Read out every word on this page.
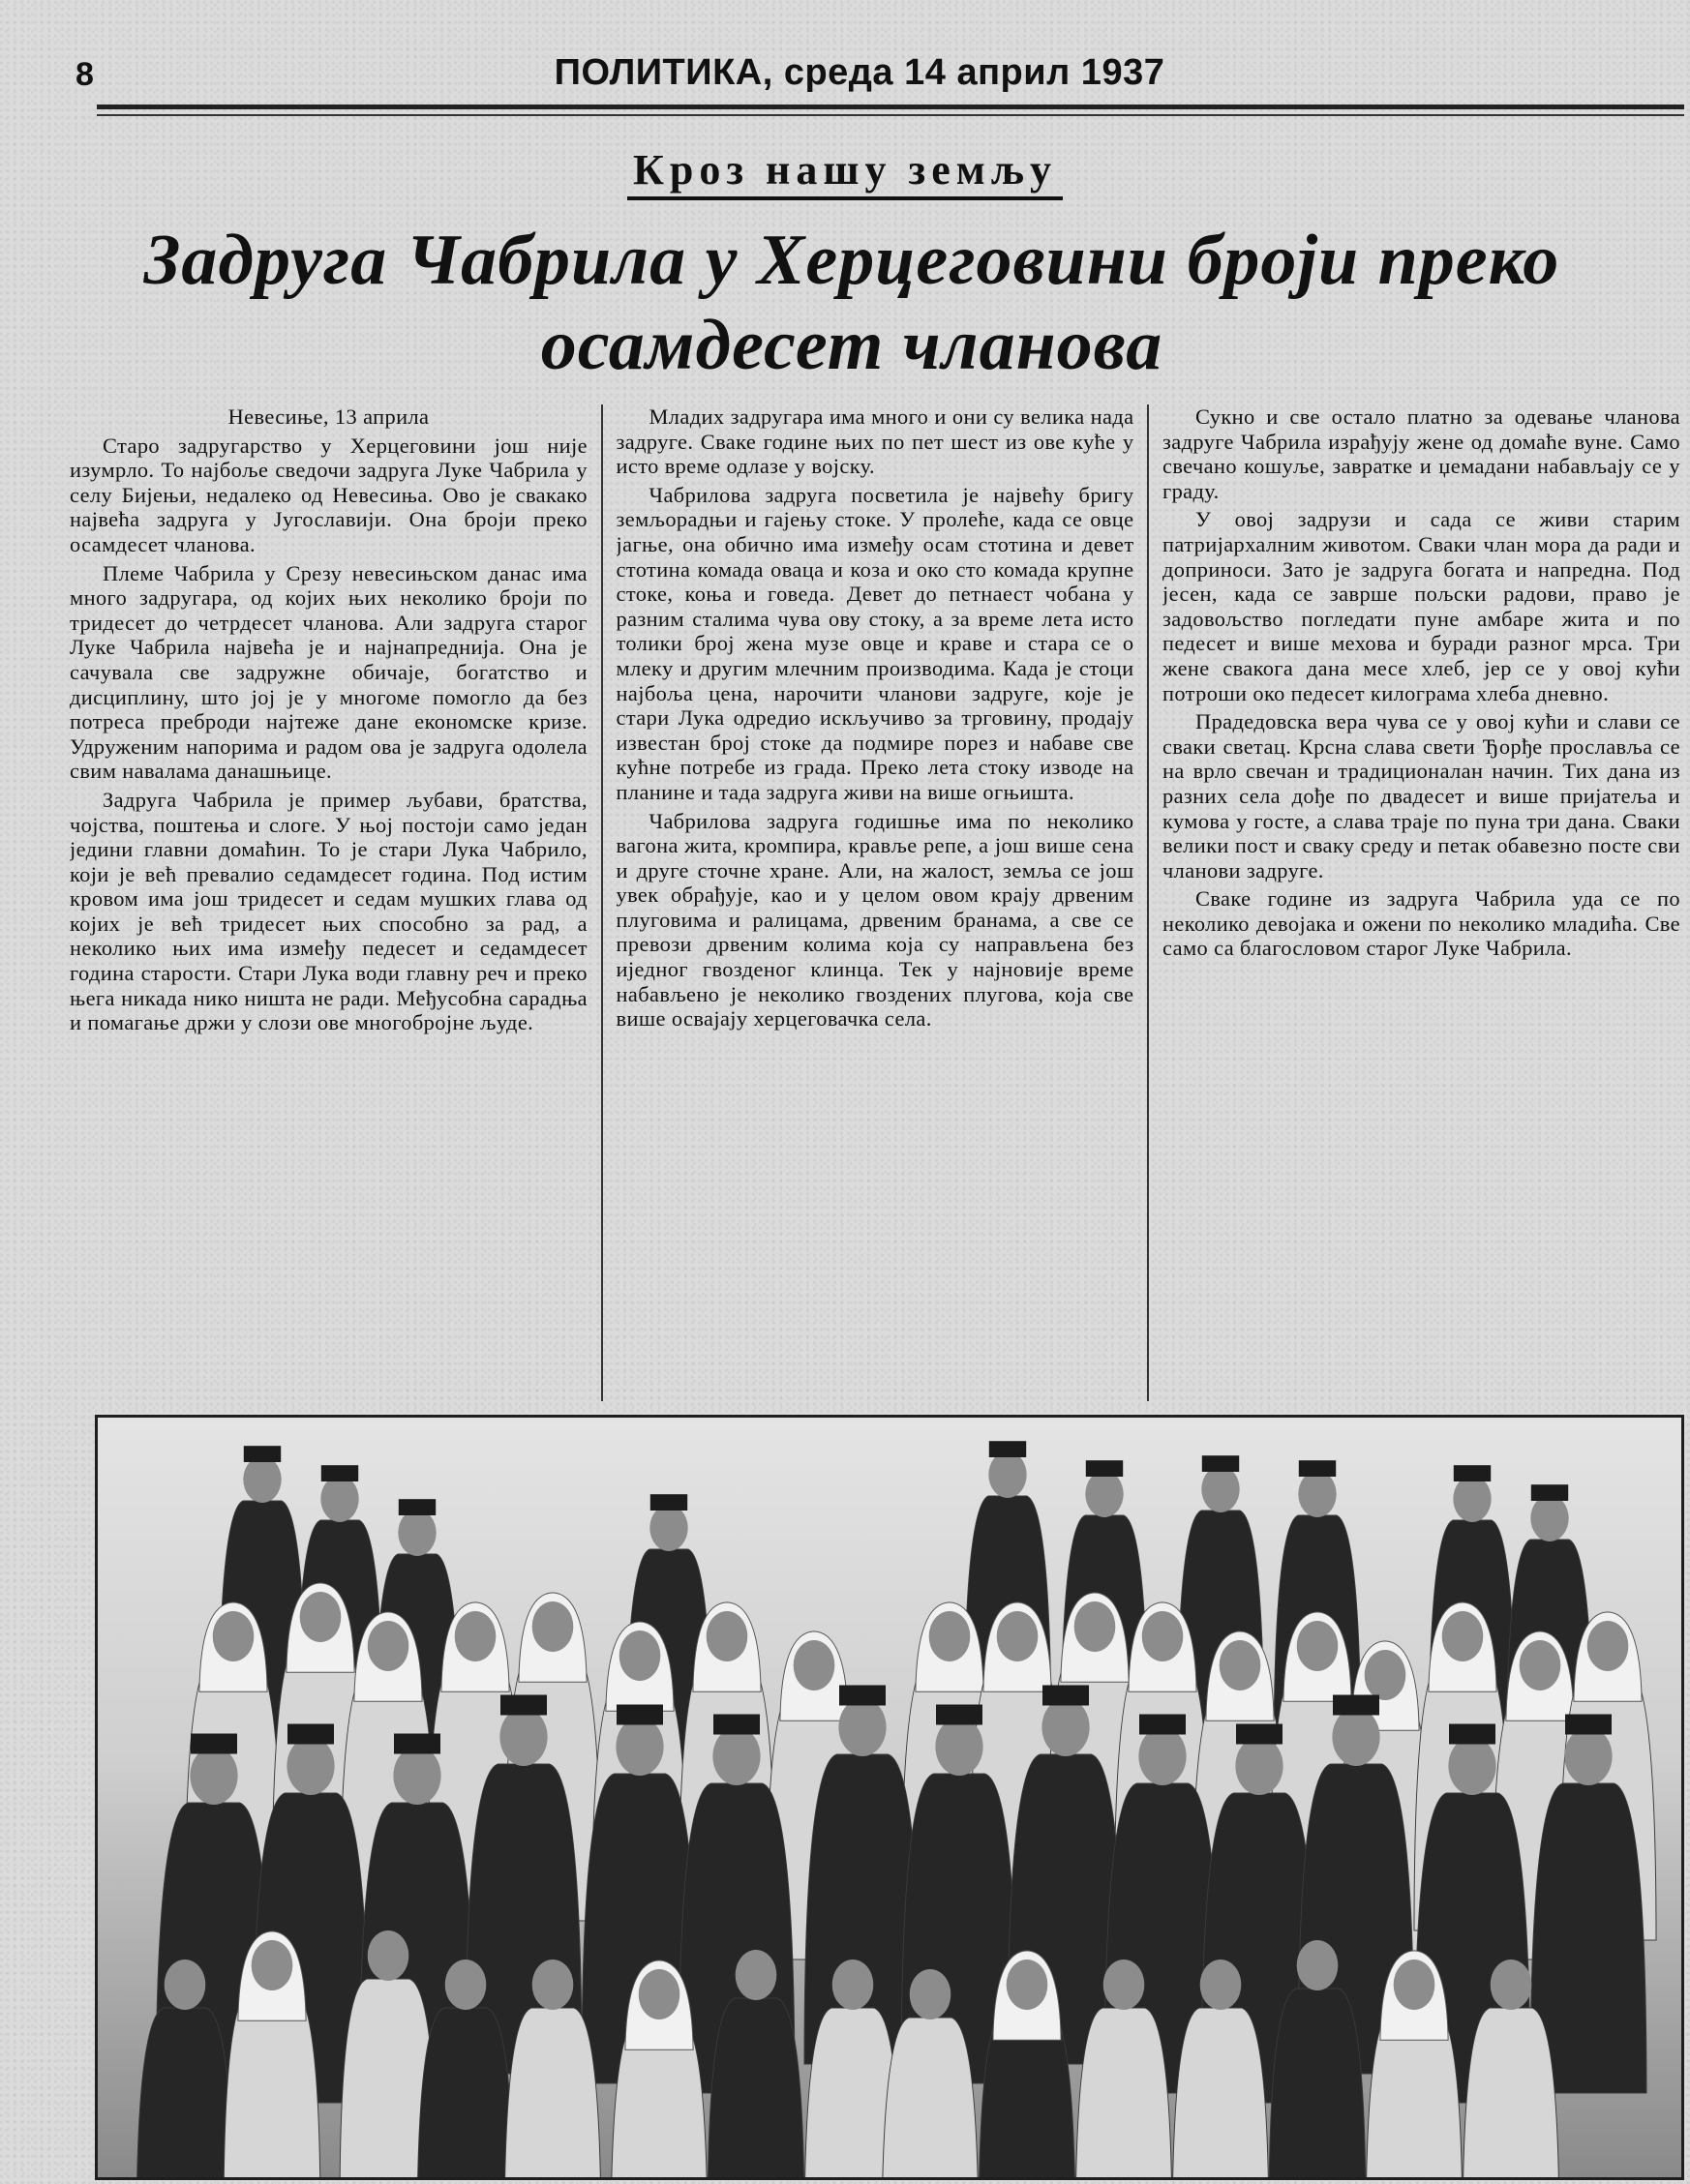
8	ПОЛИТИКА, среда 14 април 1937
Кроз нашу земљу
Задруга Чабрила у Херцеговини броји преко осамдесет чланова

Невесиње, 13 априла

Старо задругарство у Херцеговини још није изумрло. То најбоље сведочи задруга Луке Чабрила у селу Бијењи, недалеко од Невесиња. Ово је свакако највећа задруга у Југославији. Она броји преко осамдесет чланова.

Племе Чабрила у Срезу невесињском данас има много задругара, од којих њих неколико броји по тридесет до четрдесет чланова. Али задруга старог Луке Чабрила највећа је и најнапреднија. Она је сачувала све задружне обичаје, богатство и дисциплину, што јој је у многоме помогло да без потреса преброди најтеже дане економске кризе. Удруженим напорима и радом ова је задруга одолела свим навалама данашњице.

Задруга Чабрила је пример љубави, братства, чојства, поштења и слоге. У њој постоји само један једини главни домаћин. То је стари Лука Чабрило, који је већ превалио седамдесет година. Под истим кровом има још тридесет и седам мушких глава од којих је већ тридесет њих способно за рад, а неколико њих има између педесет и седамдесет година старости. Стари Лука води главну реч и преко њега никада нико ништа не ради. Међусобна сарадња и помагање држи у слози ове многобројне људе.

Младих задругара има много и они су велика нада задруге. Сваке године њих по пет шест из ове куће у исто време одлазе у војску.

Чабрилова задруга посветила је највећу бригу земљорадњи и гајењу стоке. У пролеће, када се овце јагње, она обично има између осам стотина и девет стотина комада оваца и коза и око сто комада крупне стоке, коња и говеда. Девет до петнаест чобана у разним сталима чува ову стоку, а за време лета исто толики број жена музе овце и краве и стара се о млеку и другим млечним производима. Када је стоци најбоља цена, нарочити чланови задруге, које је стари Лука одредио искључиво за трговину, продају известан број стоке да подмире порез и набаве све кућне потребе из града. Преко лета стоку изводе на планине и тада задруга живи на вишe огњишта.

Чабрилова задруга годишње има по неколико вагона жита, кромпира, крављe репе, а још више сена и друге сточне хране. Али, на жалост, земља се још увек обрађује, као и у целом овом крају дрвеним плуговима и ралицама, дрвеним бранама, а све се превози дрвеним колима која су направљена без иједног гвозденог клинца. Тек у најновије време набављено је неколико гвоздених плугова, која све више освајају херцеговачка села.

Сукно и све остало платно за одевање чланова задруге Чабрила израђују жене од домаће вуне. Само свечано кошуље, завратке и џемадани набављају се у граду.

У овој задрузи и сада се живи старим патријархалним животом. Сваки члан мора да ради и доприноси. Зато је задруга богата и напредна. Под јесен, када се заврше пољски радови, право је задовољство погледати пуне амбаре жита и по педесет и више мехова и буради разног мрса. Три жене свакога дана месе хлеб, јер се у овој кући потроши око педесет килограма хлеба дневно.

Прадедовска вера чува се у овој кући и слави се сваки светац. Крсна слава свети Ђорђе прославља се на врло свечан и традиционалан начин. Тих дана из разних села дође по двадесет и више пријатеља и кумова у госте, а слава траје по пуна три дана. Сваки велики пост и сваку среду и петак обавезно посте сви чланови задруге.

Сваке године из задруга Чабрила уда се по неколико девојака и ожени по неколико младића. Све само са благословом старог Луке Чабрила.
